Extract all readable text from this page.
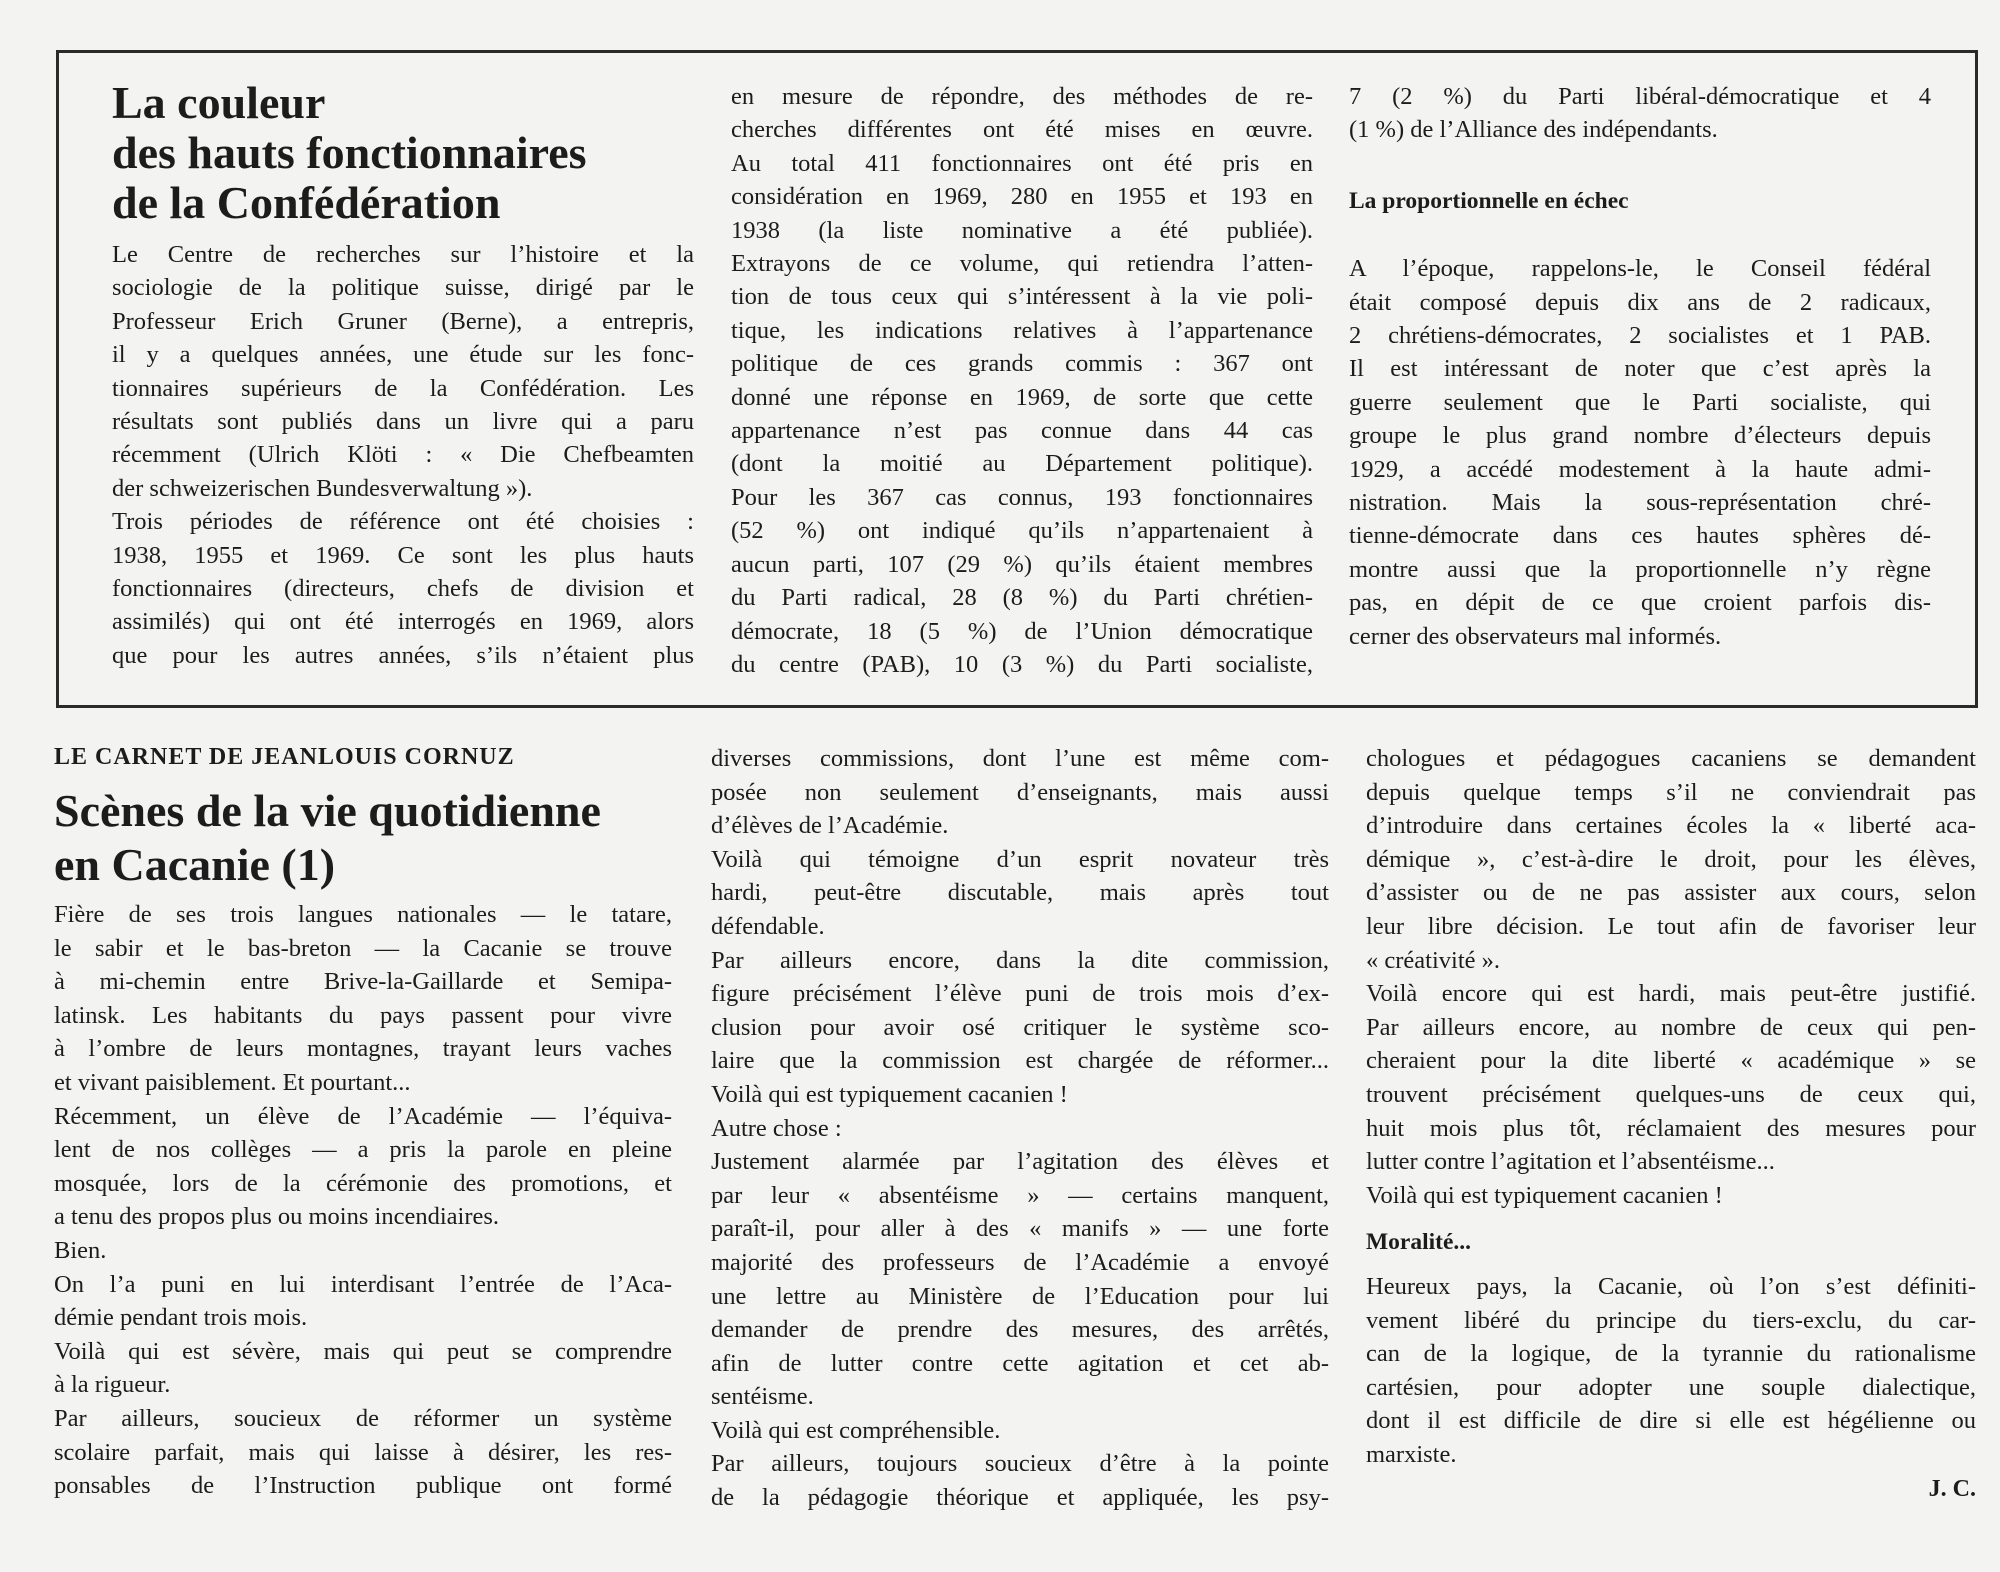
La couleur
des hauts fonctionnaires
de la Confédération
Le Centre de recherches sur l’histoire et la
sociologie de la politique suisse, dirigé par le
Professeur Erich Gruner (Berne), a entrepris,
il y a quelques années, une étude sur les fonc-
tionnaires supérieurs de la Confédération. Les
résultats sont publiés dans un livre qui a paru
récemment (Ulrich Klöti : « Die Chefbeamten
der schweizerischen Bundesverwaltung »).
Trois périodes de référence ont été choisies :
1938, 1955 et 1969. Ce sont les plus hauts
fonctionnaires (directeurs, chefs de division et
assimilés) qui ont été interrogés en 1969, alors
que pour les autres années, s’ils n’étaient plus
en mesure de répondre, des méthodes de re-
cherches différentes ont été mises en œuvre.
Au total 411 fonctionnaires ont été pris en
considération en 1969, 280 en 1955 et 193 en
1938 (la liste nominative a été publiée).
Extrayons de ce volume, qui retiendra l’atten-
tion de tous ceux qui s’intéressent à la vie poli-
tique, les indications relatives à l’appartenance
politique de ces grands commis : 367 ont
donné une réponse en 1969, de sorte que cette
appartenance n’est pas connue dans 44 cas
(dont la moitié au Département politique).
Pour les 367 cas connus, 193 fonctionnaires
(52 %) ont indiqué qu’ils n’appartenaient à
aucun parti, 107 (29 %) qu’ils étaient membres
du Parti radical, 28 (8 %) du Parti chrétien-
démocrate, 18 (5 %) de l’Union démocratique
du centre (PAB), 10 (3 %) du Parti socialiste,
7 (2 %) du Parti libéral-démocratique et 4
(1 %) de l’Alliance des indépendants.

La proportionnelle en échec

A l’époque, rappelons-le, le Conseil fédéral
était composé depuis dix ans de 2 radicaux,
2 chrétiens-démocrates, 2 socialistes et 1 PAB.
Il est intéressant de noter que c’est après la
guerre seulement que le Parti socialiste, qui
groupe le plus grand nombre d’électeurs depuis
1929, a accédé modestement à la haute admi-
nistration. Mais la sous-représentation chré-
tienne-démocrate dans ces hautes sphères dé-
montre aussi que la proportionnelle n’y règne
pas, en dépit de ce que croient parfois dis-
cerner des observateurs mal informés.

LE CARNET DE JEANLOUIS CORNUZ

Scènes de la vie quotidienne
en Cacanie (1)
Fière de ses trois langues nationales — le tatare,
le sabir et le bas-breton — la Cacanie se trouve
à mi-chemin entre Brive-la-Gaillarde et Semipa-
latinsk. Les habitants du pays passent pour vivre
à l’ombre de leurs montagnes, trayant leurs vaches
et vivant paisiblement. Et pourtant...
Récemment, un élève de l’Académie — l’équiva-
lent de nos collèges — a pris la parole en pleine
mosquée, lors de la cérémonie des promotions, et
a tenu des propos plus ou moins incendiaires.
Bien.
On l’a puni en lui interdisant l’entrée de l’Aca-
démie pendant trois mois.
Voilà qui est sévère, mais qui peut se comprendre
à la rigueur.
Par ailleurs, soucieux de réformer un système
scolaire parfait, mais qui laisse à désirer, les res-
ponsables de l’Instruction publique ont formé
diverses commissions, dont l’une est même com-
posée non seulement d’enseignants, mais aussi
d’élèves de l’Académie.
Voilà qui témoigne d’un esprit novateur très
hardi, peut-être discutable, mais après tout
défendable.
Par ailleurs encore, dans la dite commission,
figure précisément l’élève puni de trois mois d’ex-
clusion pour avoir osé critiquer le système sco-
laire que la commission est chargée de réformer...
Voilà qui est typiquement cacanien !
Autre chose :
Justement alarmée par l’agitation des élèves et
par leur « absentéisme » — certains manquent,
paraît-il, pour aller à des « manifs » — une forte
majorité des professeurs de l’Académie a envoyé
une lettre au Ministère de l’Education pour lui
demander de prendre des mesures, des arrêtés,
afin de lutter contre cette agitation et cet ab-
sentéisme.
Voilà qui est compréhensible.
Par ailleurs, toujours soucieux d’être à la pointe
de la pédagogie théorique et appliquée, les psy-
chologues et pédagogues cacaniens se demandent
depuis quelque temps s’il ne conviendrait pas
d’introduire dans certaines écoles la « liberté aca-
démique », c’est-à-dire le droit, pour les élèves,
d’assister ou de ne pas assister aux cours, selon
leur libre décision. Le tout afin de favoriser leur
« créativité ».
Voilà encore qui est hardi, mais peut-être justifié.
Par ailleurs encore, au nombre de ceux qui pen-
cheraient pour la dite liberté « académique » se
trouvent précisément quelques-uns de ceux qui,
huit mois plus tôt, réclamaient des mesures pour
lutter contre l’agitation et l’absentéisme...
Voilà qui est typiquement cacanien !

Moralité...

Heureux pays, la Cacanie, où l’on s’est définiti-
vement libéré du principe du tiers-exclu, du car-
can de la logique, de la tyrannie du rationalisme
cartésien, pour adopter une souple dialectique,
dont il est difficile de dire si elle est hégélienne ou
marxiste.

J. C.
